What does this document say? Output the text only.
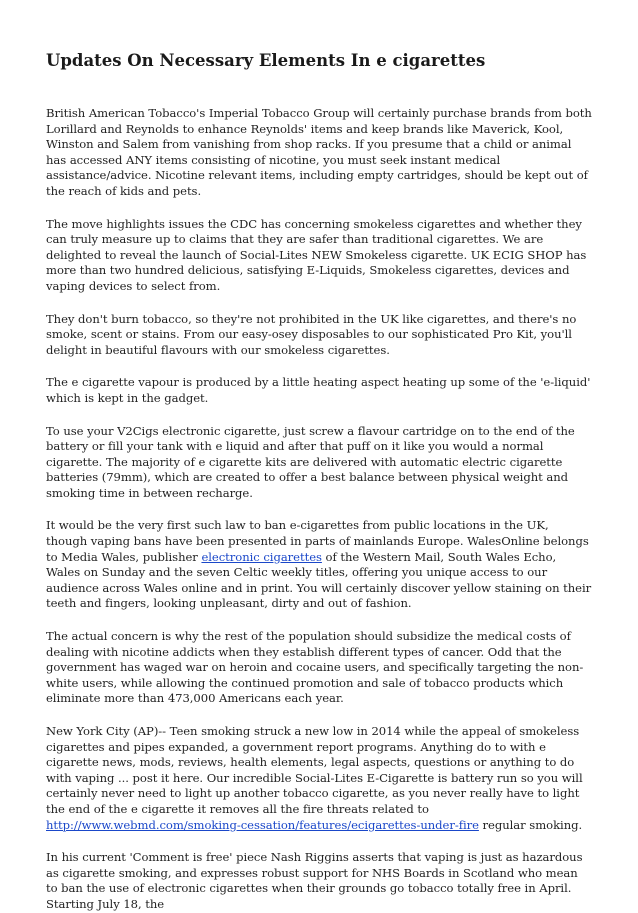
Updates On Necessary Elements In e cigarettes

British American Tobacco's Imperial Tobacco Group will certainly purchase brands from both Lorillard and Reynolds to enhance Reynolds' items and keep brands like Maverick, Kool, Winston and Salem from vanishing from shop racks. If you presume that a child or animal has accessed ANY items consisting of nicotine, you must seek instant medical assistance/advice. Nicotine relevant items, including empty cartridges, should be kept out of the reach of kids and pets.

The move highlights issues the CDC has concerning smokeless cigarettes and whether they can truly measure up to claims that they are safer than traditional cigarettes. We are delighted to reveal the launch of Social-Lites NEW Smokeless cigarette. UK ECIG SHOP has more than two hundred delicious, satisfying E-Liquids, Smokeless cigarettes, devices and vaping devices to select from.

They don't burn tobacco, so they're not prohibited in the UK like cigarettes, and there's no smoke, scent or stains. From our easy-osey disposables to our sophisticated Pro Kit, you'll delight in beautiful flavours with our smokeless cigarettes.

The e cigarette vapour is produced by a little heating aspect heating up some of the 'e-liquid' which is kept in the gadget.

To use your V2Cigs electronic cigarette, just screw a flavour cartridge on to the end of the battery or fill your tank with e liquid and after that puff on it like you would a normal cigarette. The majority of e cigarette kits are delivered with automatic electric cigarette batteries (79mm), which are created to offer a best balance between physical weight and smoking time in between recharge.

It would be the very first such law to ban e-cigarettes from public locations in the UK, though vaping bans have been presented in parts of mainlands Europe. WalesOnline belongs to Media Wales, publisher electronic cigarettes of the Western Mail, South Wales Echo, Wales on Sunday and the seven Celtic weekly titles, offering you unique access to our audience across Wales online and in print. You will certainly discover yellow staining on their teeth and fingers, looking unpleasant, dirty and out of fashion.

The actual concern is why the rest of the population should subsidize the medical costs of dealing with nicotine addicts when they establish different types of cancer. Odd that the government has waged war on heroin and cocaine users, and specifically targeting the non-white users, while allowing the continued promotion and sale of tobacco products which eliminate more than 473,000 Americans each year.

New York City (AP)-- Teen smoking struck a new low in 2014 while the appeal of smokeless cigarettes and pipes expanded, a government report programs. Anything do to with e cigarette news, mods, reviews, health elements, legal aspects, questions or anything to do with vaping ... post it here. Our incredible Social-Lites E-Cigarette is battery run so you will certainly never need to light up another tobacco cigarette, as you never really have to light the end of the e cigarette it removes all the fire threats related to http://www.webmd.com/smoking-cessation/features/ecigarettes-under-fire regular smoking.

In his current 'Comment is free' piece Nash Riggins asserts that vaping is just as hazardous as cigarette smoking, and expresses robust support for NHS Boards in Scotland who mean to ban the use of electronic cigarettes when their grounds go tobacco totally free in April. Starting July 18, the
